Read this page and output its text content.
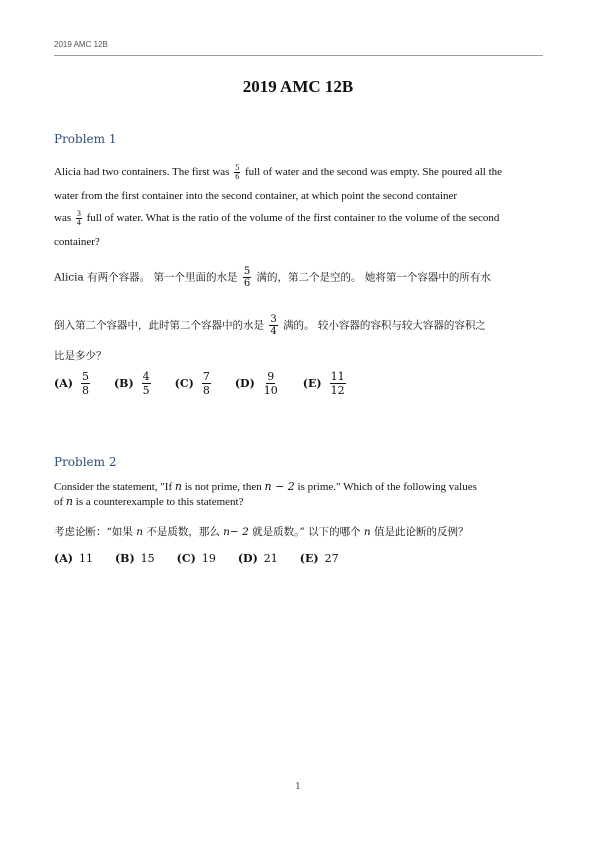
2019 AMC 12B
2019 AMC 12B
Problem 1
Alicia had two containers. The first was $\frac{5}{6}$ full of water and the second was empty. She poured all the
water from the first container into the second container, at which point the second container
was $\frac{3}{4}$ full of water. What is the ratio of the volume of the first container to the volume of the second
container?
Alicia 有两个容器。 第一个里面的水是 $\frac{5}{6}$ 满的，第二个是空的。 她将第一个容器中的所有水
倒入第二个容器中，此时第二个容器中的水是 $\frac{3}{4}$ 满的。 较小容器的容积与较大容器的容积之
比是多少？
$(A) \frac{5}{8} (B) \frac{4}{5} (C) \frac{7}{8} (D) \frac{9}{10} (E) \frac{11}{12}$
Problem 2
Consider the statement, "If n is not prime, then n − 2 is prime." Which of the following values
of n is a counterexample to this statement?
考虑论断：“如果 n 不是质数，那么 n− 2 就是质数。” 以下的哪个 n 值是此论断的反例？
(A) 11 (B) 15 (C) 19 (D) 21 (E) 27
1
